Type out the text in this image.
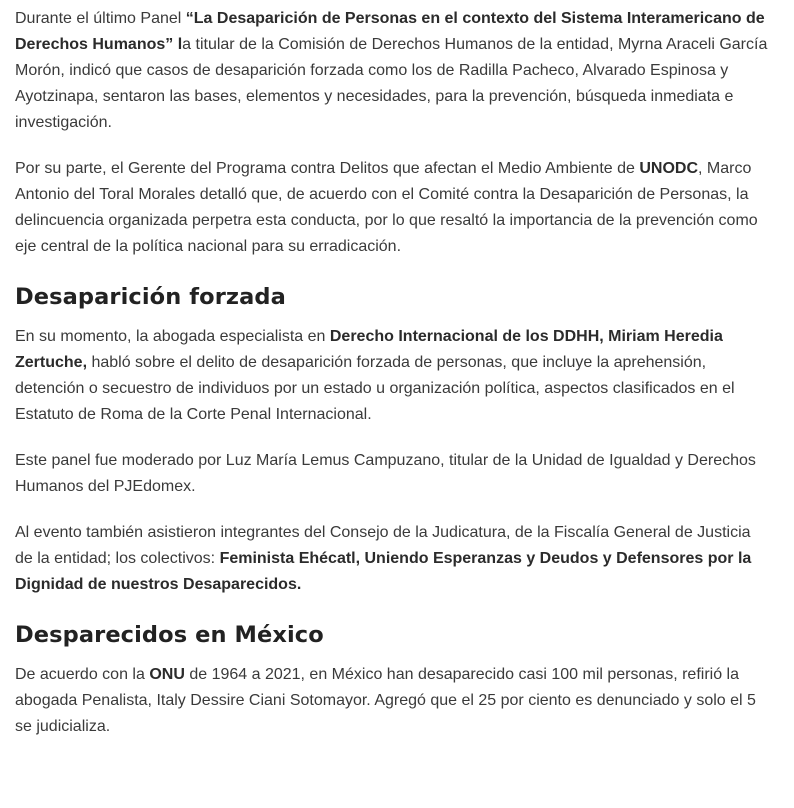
Durante el último Panel “La Desaparición de Personas en el contexto del Sistema Interamericano de Derechos Humanos” la titular de la Comisión de Derechos Humanos de la entidad, Myrna Araceli García Morón, indicó que casos de desaparición forzada como los de Radilla Pacheco, Alvarado Espinosa y Ayotzinapa, sentaron las bases, elementos y necesidades, para la prevención, búsqueda inmediata e investigación.

Por su parte, el Gerente del Programa contra Delitos que afectan el Medio Ambiente de UNODC, Marco Antonio del Toral Morales detalló que, de acuerdo con el Comité contra la Desaparición de Personas, la delincuencia organizada perpetra esta conducta, por lo que resaltó la importancia de la prevención como eje central de la política nacional para su erradicación.

Desaparición forzada

En su momento, la abogada especialista en Derecho Internacional de los DDHH, Miriam Heredia Zertuche, habló sobre el delito de desaparición forzada de personas, que incluye la aprehensión, detención o secuestro de individuos por un estado u organización política, aspectos clasificados en el Estatuto de Roma de la Corte Penal Internacional.

Este panel fue moderado por Luz María Lemus Campuzano, titular de la Unidad de Igualdad y Derechos Humanos del PJEdomex.

Al evento también asistieron integrantes del Consejo de la Judicatura, de la Fiscalía General de Justicia de la entidad; los colectivos: Feminista Ehécatl, Uniendo Esperanzas y Deudos y Defensores por la Dignidad de nuestros Desaparecidos.

Desparecidos en México

De acuerdo con la ONU de 1964 a 2021, en México han desaparecido casi 100 mil personas, refirió la abogada Penalista, Italy Dessire Ciani Sotomayor. Agregó que el 25 por ciento es denunciado y solo el 5 se judicializa.
